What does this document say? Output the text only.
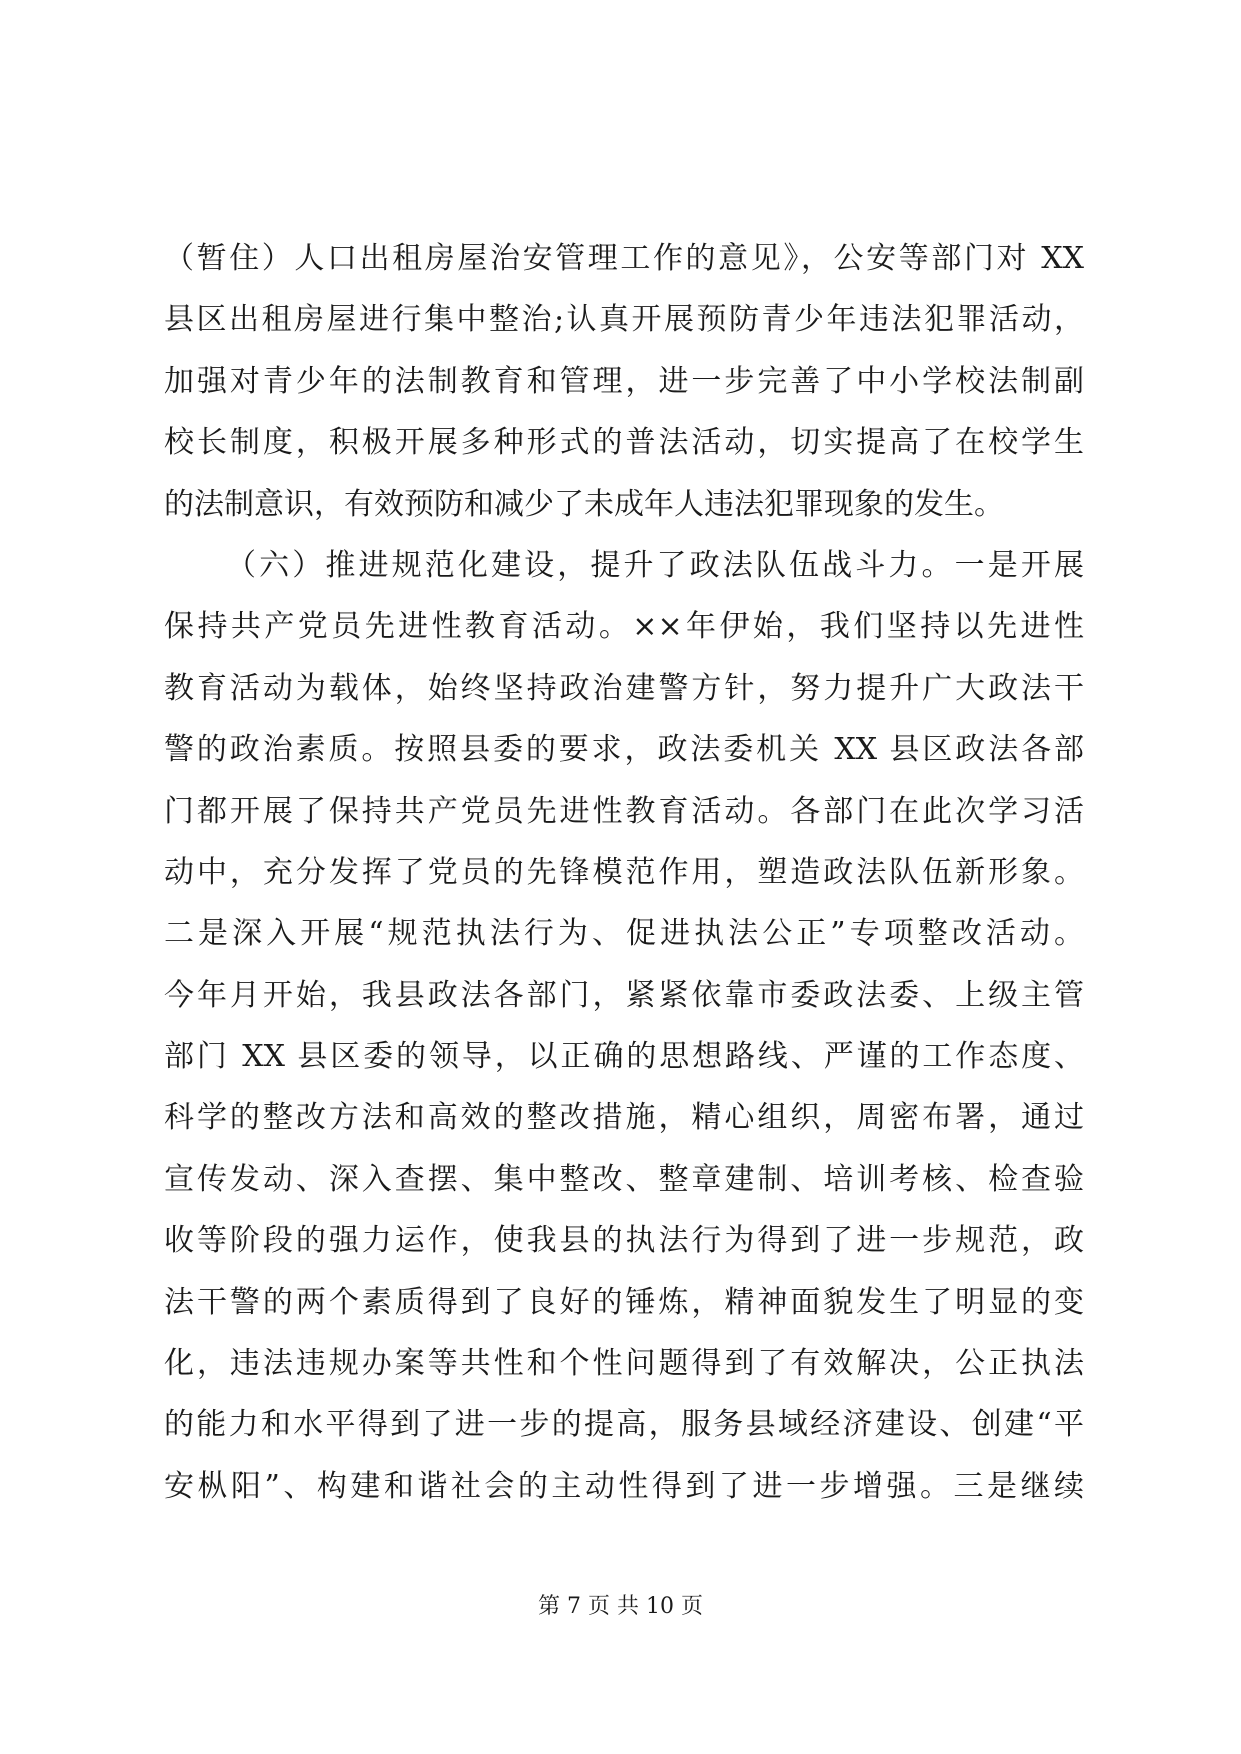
（暂住）人口出租房屋治安管理工作的意见》，公安等部门对 XX
县区出租房屋进行集中整治;认真开展预防青少年违法犯罪活动，
加强对青少年的法制教育和管理，进一步完善了中小学校法制副
校长制度，积极开展多种形式的普法活动，切实提高了在校学生
的法制意识，有效预防和减少了未成年人违法犯罪现象的发生。
（六）推进规范化建设，提升了政法队伍战斗力。一是开展
保持共产党员先进性教育活动。××年伊始，我们坚持以先进性
教育活动为载体，始终坚持政治建警方针，努力提升广大政法干
警的政治素质。按照县委的要求，政法委机关 XX 县区政法各部
门都开展了保持共产党员先进性教育活动。各部门在此次学习活
动中，充分发挥了党员的先锋模范作用，塑造政法队伍新形象。
二是深入开展“规范执法行为、促进执法公正”专项整改活动。
今年月开始，我县政法各部门，紧紧依靠市委政法委、上级主管
部门 XX 县区委的领导，以正确的思想路线、严谨的工作态度、
科学的整改方法和高效的整改措施，精心组织，周密布署，通过
宣传发动、深入查摆、集中整改、整章建制、培训考核、检查验
收等阶段的强力运作，使我县的执法行为得到了进一步规范，政
法干警的两个素质得到了良好的锤炼，精神面貌发生了明显的变
化，违法违规办案等共性和个性问题得到了有效解决，公正执法
的能力和水平得到了进一步的提高，服务县域经济建设、创建“平
安枞阳”、构建和谐社会的主动性得到了进一步增强。三是继续
第 7 页 共 10 页
